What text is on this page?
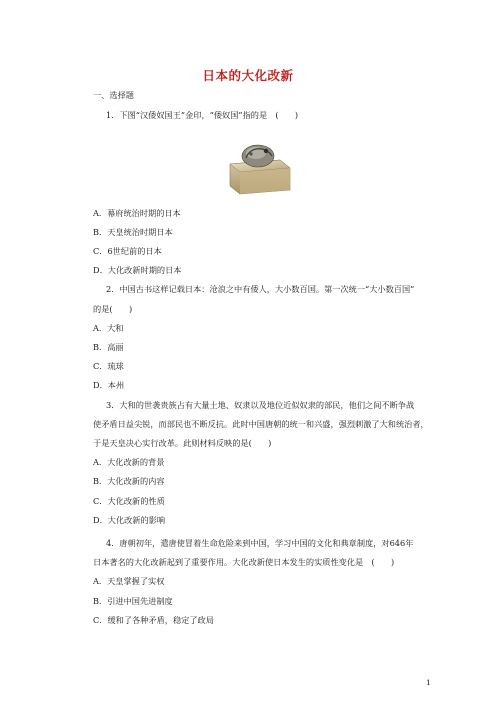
日本的大化改新
一、选择题
1．下图“汉倭奴国王”金印，“倭奴国”指的是　(　　)
A．幕府统治时期的日本
B．天皇统治时期日本
C．6世纪前的日本
D．大化改新时期的日本
2．中国古书这样记载日本：沧浪之中有倭人，大小数百国。第一次统一“大小数百国”
的是(　　)
A．大和
B．高丽
C．琉球
D．本州
3．大和的世袭贵族占有大量土地、奴隶以及地位近似奴隶的部民，他们之间不断争战
使矛盾日益尖锐，而部民也不断反抗。此时中国唐朝的统一和兴盛，强烈刺激了大和统治者，
于是天皇决心实行改革。此则材料反映的是(　　)
A．大化改新的背景
B．大化改新的内容
C．大化改新的性质
D．大化改新的影响
4．唐朝初年，遣唐使冒着生命危险来到中国，学习中国的文化和典章制度，对646年
日本著名的大化改新起到了重要作用。大化改新使日本发生的实质性变化是　(　　)
A．天皇掌握了实权
B．引进中国先进制度
C．缓和了各种矛盾，稳定了政局
1
